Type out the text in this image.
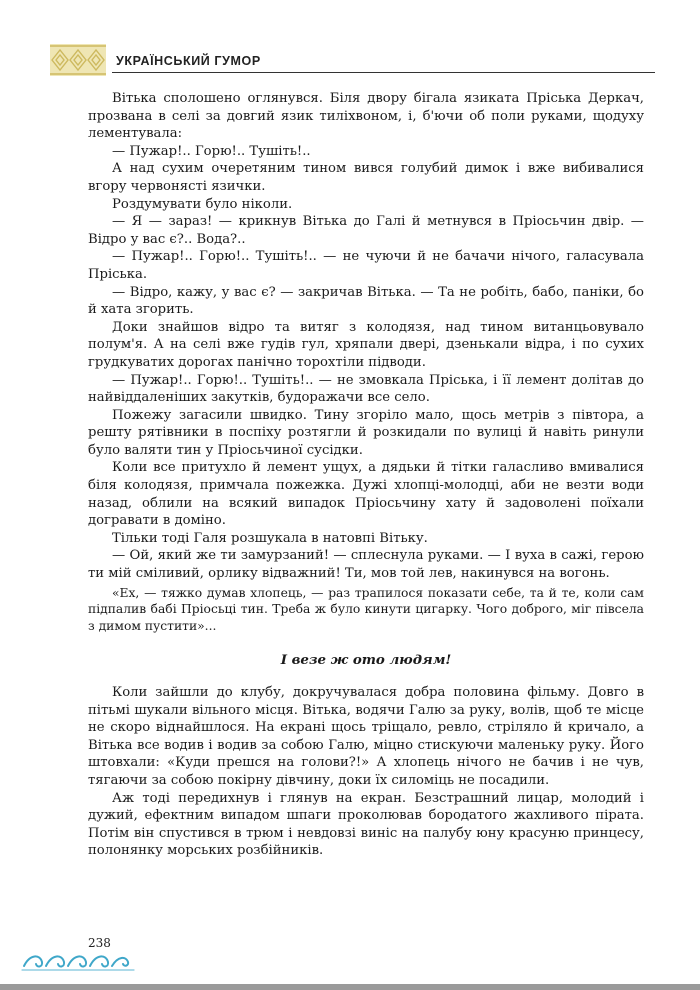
УКРАЇНСЬКИЙ ГУМОР

Вітька сполошено оглянувся. Біля двору бігала язиката Пріська Деркач, прозвана в селі за довгий язик тиліхвоном, і, б'ючи об поли руками, щодуху лементувала:

— Пужар!.. Горю!.. Тушіть!..

А над сухим очеретяним тином вився голубий димок і вже вибивалися вгору червонясті язички.

Роздумувати було ніколи.

— Я — зараз! — крикнув Вітька до Галі й метнувся в Пріосьчин двір. — Відро у вас є?.. Вода?..

— Пужар!.. Горю!.. Тушіть!.. — не чуючи й не бачачи нічого, галасувала Пріська.

— Відро, кажу, у вас є? — закричав Вітька. — Та не робіть, бабо, паніки, бо й хата згорить.

Доки знайшов відро та витяг з колодязя, над тином витанцьовувало полум'я. А на селі вже гудів гул, хряпали двері, дзенькали відра, і по сухих грудкуватих дорогах панічно торохтіли підводи.

— Пужар!.. Горю!.. Тушіть!.. — не змовкала Пріська, і її лемент долітав до найвіддаленіших закутків, будоражачи все село.

Пожежу загасили швидко. Тину згоріло мало, щось метрів з півтора, а решту рятівники в поспіху розтягли й розкидали по вулиці й навіть ринули було валяти тин у Пріосьчиної сусідки.

Коли все притухло й лемент ущух, а дядьки й тітки галасливо вмивалися біля колодязя, примчала пожежка. Дужі хлопці-молодці, аби не везти води назад, облили на всякий випадок Пріосьчину хату й задоволені поїхали догравати в доміно.

Тільки тоді Галя розшукала в натовпі Вітьку.

— Ой, який же ти замурзаний! — сплеснула руками. — І вуха в сажі, герою ти мій сміливий, орлику відважний! Ти, мов той лев, накинувся на вогонь.

«Ех, — тяжко думав хлопець, — раз трапилося показати себе, та й те, коли сам підпалив бабі Пріосьці тин. Треба ж було кинути цигарку. Чого доброго, міг півсела з димом пустити»...

І везе ж ото людям!

Коли зайшли до клубу, докручувалася добра половина фільму. Довго в пітьмі шукали вільного місця. Вітька, водячи Галю за руку, волів, щоб те місце не скоро віднайшлося. На екрані щось тріщало, ревло, стріляло й кричало, а Вітька все водив і водив за собою Галю, міцно стискуючи маленьку руку. Його штовхали: «Куди прешся на голови?!» А хлопець нічого не бачив і не чув, тягаючи за собою покірну дівчину, доки їх силоміць не посадили.

Аж тоді передихнув і глянув на екран. Безстрашний лицар, молодий і дужий, ефектним випадом шпаги проколював бородатого жахливого пірата. Потім він спустився в трюм і невдовзі виніс на палубу юну красуню принцесу, полонянку морських розбійників.

238
